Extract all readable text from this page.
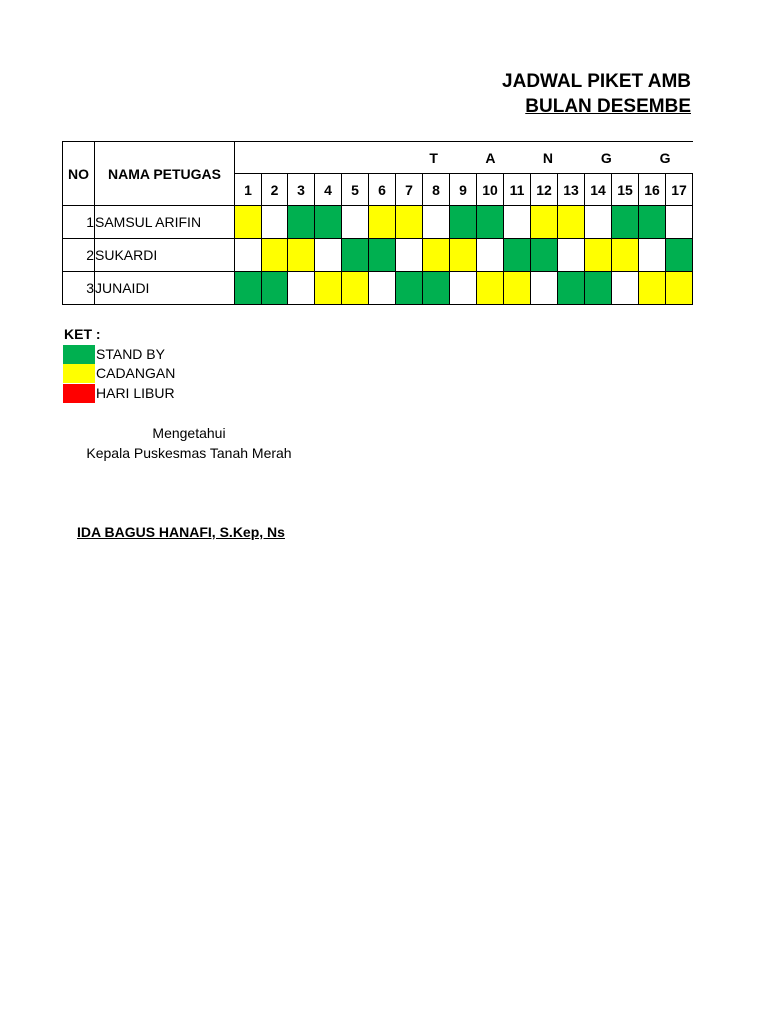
JADWAL PIKET AMB
BULAN DESEMBE
NO	NAMA PETUGAS	T A N G G																
		1	2	3	4	5	6	7	8	9	10	11	12	13	14	15	16	17
1	SAMSUL ARIFIN																	
2	SUKARDI																	
3	JUNAIDI																	
KET :
STAND BY
CADANGAN
HARI LIBUR
Mengetahui
Kepala Puskesmas Tanah Merah
IDA BAGUS HANAFI, S.Kep, Ns
